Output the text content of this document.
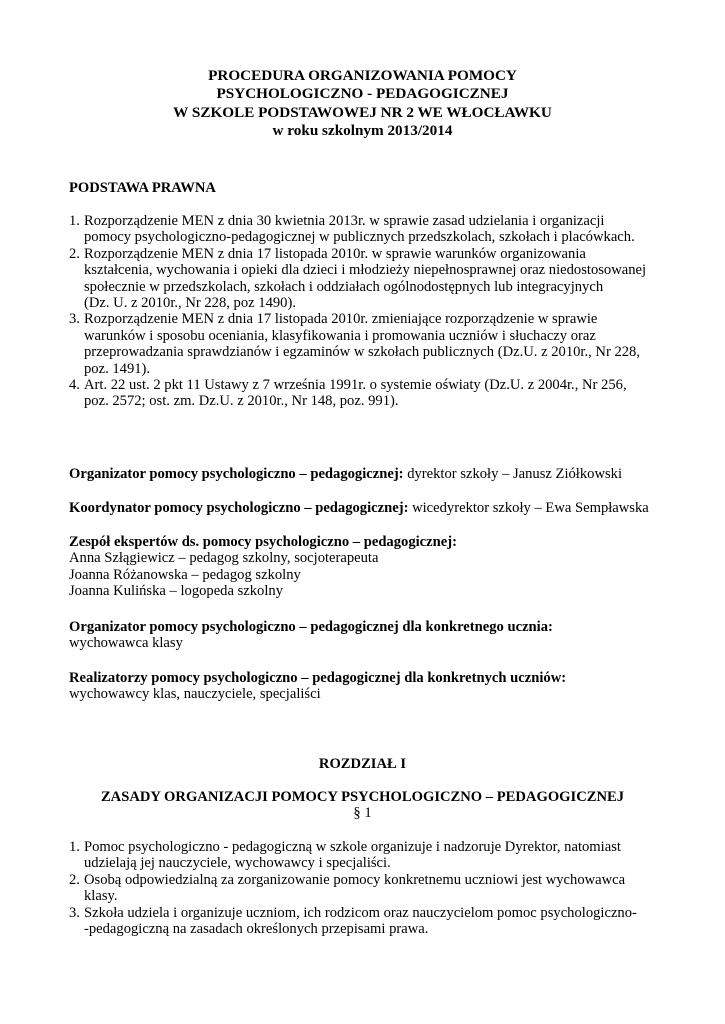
PROCEDURA ORGANIZOWANIA POMOCY
PSYCHOLOGICZNO - PEDAGOGICZNEJ
W SZKOLE PODSTAWOWEJ NR 2 WE WŁOCŁAWKU
w roku szkolnym 2013/2014
PODSTAWA PRAWNA
1. Rozporządzenie MEN z dnia 30 kwietnia 2013r. w sprawie zasad udzielania i organizacji
pomocy psychologiczno-pedagogicznej w publicznych przedszkolach, szkołach i placówkach.
2. Rozporządzenie MEN z dnia 17 listopada 2010r. w sprawie warunków organizowania
kształcenia, wychowania i opieki dla dzieci i młodzieży niepełnosprawnej oraz niedostosowanej
społecznie w przedszkolach, szkołach i oddziałach ogólnodostępnych lub integracyjnych
(Dz. U. z 2010r., Nr 228, poz 1490).
3. Rozporządzenie MEN z dnia 17 listopada 2010r. zmieniające rozporządzenie w sprawie
warunków i sposobu oceniania, klasyfikowania i promowania uczniów i słuchaczy oraz
przeprowadzania sprawdzianów i egzaminów w szkołach publicznych (Dz.U. z 2010r., Nr 228,
poz. 1491).
4. Art. 22 ust. 2 pkt 11 Ustawy z 7 września 1991r. o systemie oświaty (Dz.U. z 2004r., Nr 256,
poz. 2572; ost. zm. Dz.U. z 2010r., Nr 148, poz. 991).

Organizator pomocy psychologiczno – pedagogicznej: dyrektor szkoły – Janusz Ziółkowski

Koordynator pomocy psychologiczno – pedagogicznej: wicedyrektor szkoły – Ewa Sempławska

Zespół ekspertów ds. pomocy psychologiczno – pedagogicznej:
Anna Szłągiewicz – pedagog szkolny, socjoterapeuta
Joanna Różanowska – pedagog szkolny
Joanna Kulińska – logopeda szkolny
Organizator pomocy psychologiczno – pedagogicznej dla konkretnego ucznia:
wychowawca klasy
Realizatorzy pomocy psychologiczno – pedagogicznej dla konkretnych uczniów:
wychowawcy klas, nauczyciele, specjaliści
ROZDZIAŁ I
ZASADY ORGANIZACJI POMOCY PSYCHOLOGICZNO – PEDAGOGICZNEJ
§ 1
1. Pomoc psychologiczno - pedagogiczną w szkole organizuje i nadzoruje Dyrektor, natomiast
udzielają jej nauczyciele, wychowawcy i specjaliści.
2. Osobą odpowiedzialną za zorganizowanie pomocy konkretnemu uczniowi jest wychowawca
klasy.
3. Szkoła udziela i organizuje uczniom, ich rodzicom oraz nauczycielom pomoc psychologiczno-
-pedagogiczną na zasadach określonych przepisami prawa.
